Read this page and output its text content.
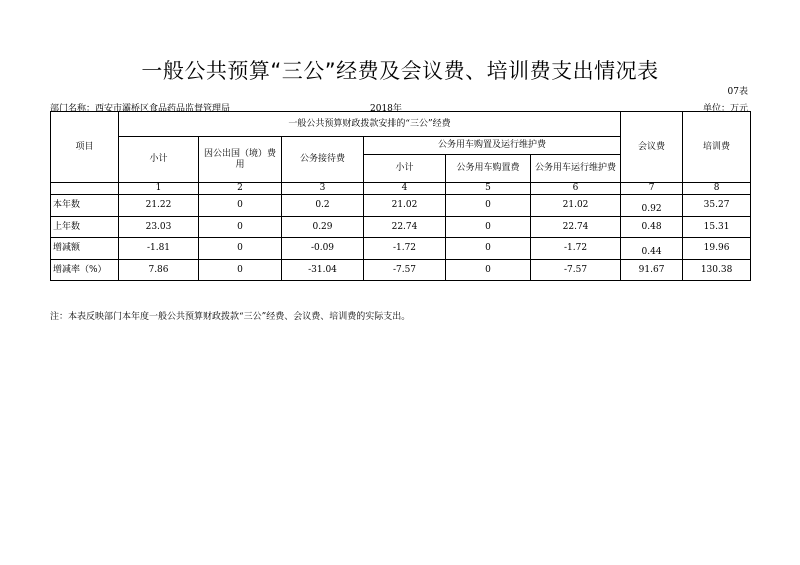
一般公共预算“三公”经费及会议费、培训费支出情况表
07表
部门名称：西安市灞桥区食品药品监督管理局	2018年	单位：万元
项目	一般公共预算财政拨款安排的“三公”经费						会议费	培训费
	小计	因公出国（境）费用	公务接待费	公务用车购置及运行维护费				
				小计	公务用车购置费	公务用车运行维护费		
	1	2	3	4	5	6	7	8
本年数	21.22	0	0.2	21.02	0	21.02	0.92	35.27
上年数	23.03	0	0.29	22.74	0	22.74	0.48	15.31
增减额	-1.81	0	-0.09	-1.72	0	-1.72	0.44	19.96
增减率（%）	7.86	0	-31.04	-7.57	0	-7.57	91.67	130.38
注：本表反映部门本年度一般公共预算财政拨款“三公”经费、会议费、培训费的实际支出。
